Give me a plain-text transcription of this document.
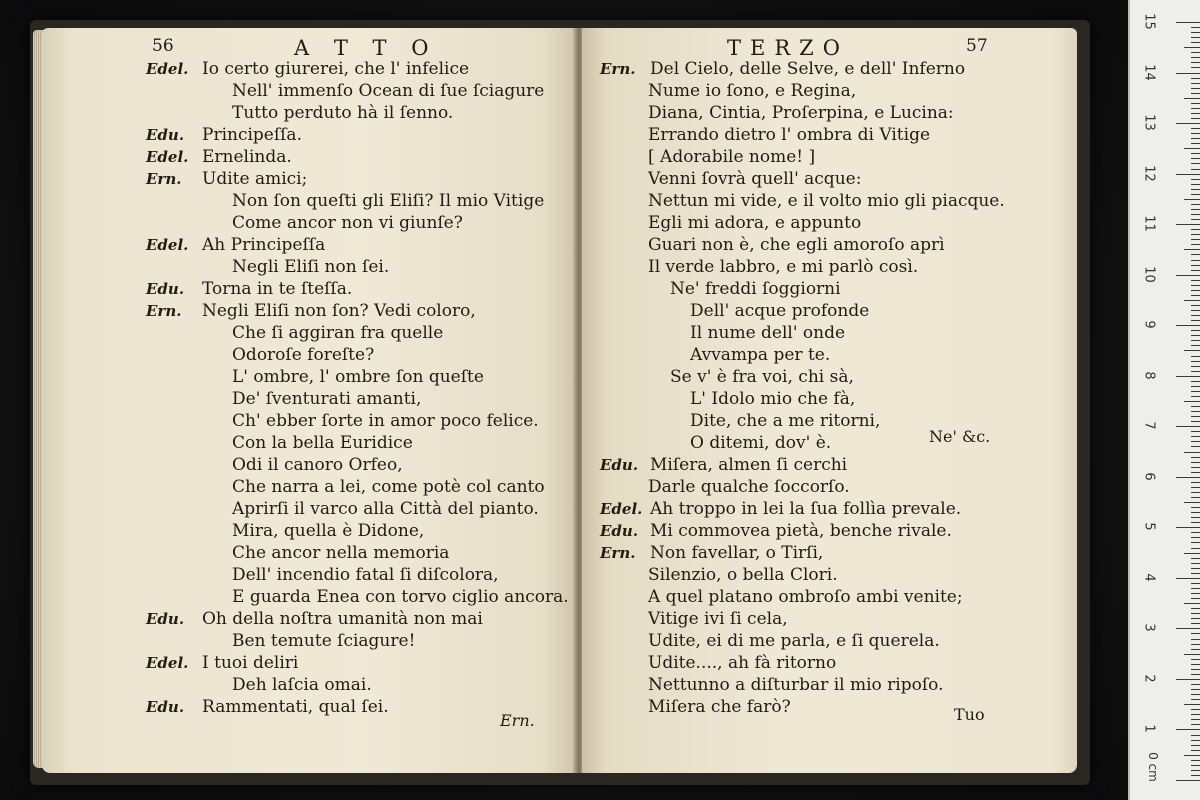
56	A T T O
Edel. Io certo giurerei, che l' infelice
Nell' immenſo Ocean di ſue ſciagure
Tutto perduto hà il ſenno.
Edu. Principeſſa.
Edel. Ernelinda.
Ern. Udite amici;
Non ſon queſti gli Eliſi? Il mio Vitige
Come ancor non vi giunſe?
Edel. Ah Principeſſa
Negli Eliſi non ſei.
Edu. Torna in te ſteſſa.
Ern. Negli Eliſi non ſon? Vedi coloro,
Che ſi aggiran fra quelle
Odoroſe foreſte?
L' ombre, l' ombre ſon queſte
De' ſventurati amanti,
Ch' ebber ſorte in amor poco felice.
Con la bella Euridice
Odi il canoro Orfeo,
Che narra a lei, come potè col canto
Aprirſi il varco alla Città del pianto.
Mira, quella è Didone,
Che ancor nella memoria
Dell' incendio fatal ſi diſcolora,
E guarda Enea con torvo ciglio ancora.
Edu. Oh della noſtra umanità non mai
Ben temute ſciagure!
Edel. I tuoi deliri
Deh laſcia omai.
Edu. Rammentati, qual ſei.
Ern.
TERZO	57
Ern. Del Cielo, delle Selve, e dell' Inferno
Nume io ſono, e Regina,
Diana, Cintia, Proſerpina, e Lucina:
Errando dietro l' ombra di Vitige
[ Adorabile nome! ]
Venni ſovrà quell' acque:
Nettun mi vide, e il volto mio gli piacque.
Egli mi adora, e appunto
Guari non è, che egli amoroſo aprì
Il verde labbro, e mi parlò così.
Ne' freddi ſoggiorni
Dell' acque profonde
Il nume dell' onde
Avvampa per te.
Se v' è fra voi, chi sà,
L' Idolo mio che fà,
Dite, che a me ritorni,
O ditemi, dov' è.
Edu. Miſera, almen ſi cerchi
Darle qualche ſoccorſo.
Edel. Ah troppo in lei la ſua follìa prevale.
Edu. Mi commovea pietà, benche rivale.
Ern. Non favellar, o Tirſi,
Silenzio, o bella Clori.
A quel platano ombroſo ambi venite;
Vitige ivi ſi cela,
Udite, ei di me parla, e ſi querela.
Udite...., ah fà ritorno
Nettunno a diſturbar il mio ripoſo.
Miſera che farò?
Ne' &c.
Tuo
0 cm
15
14
13
12
11
10
9
8
7
6
5
4
3
2
1
